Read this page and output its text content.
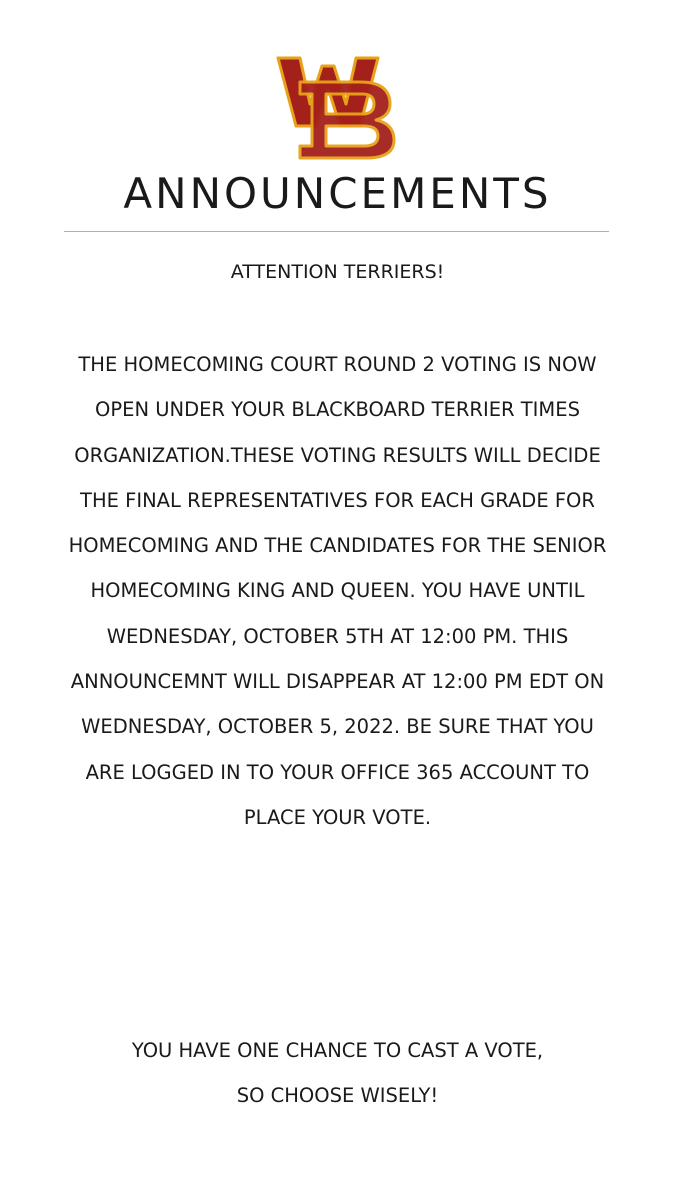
ANNOUNCEMENTS
ATTENTION TERRIERS!

THE HOMECOMING COURT ROUND 2 VOTING IS NOW OPEN UNDER YOUR BLACKBOARD TERRIER TIMES ORGANIZATION.THESE VOTING RESULTS WILL DECIDE THE FINAL REPRESENTATIVES FOR EACH GRADE FOR HOMECOMING AND THE CANDIDATES FOR THE SENIOR HOMECOMING KING AND QUEEN. YOU HAVE UNTIL WEDNESDAY, OCTOBER 5TH AT 12:00 PM. THIS ANNOUNCEMNT WILL DISAPPEAR AT 12:00 PM EDT ON WEDNESDAY, OCTOBER 5, 2022. BE SURE THAT YOU ARE LOGGED IN TO YOUR OFFICE 365 ACCOUNT TO PLACE YOUR VOTE.

YOU HAVE ONE CHANCE TO CAST A VOTE,
SO CHOOSE WISELY!
